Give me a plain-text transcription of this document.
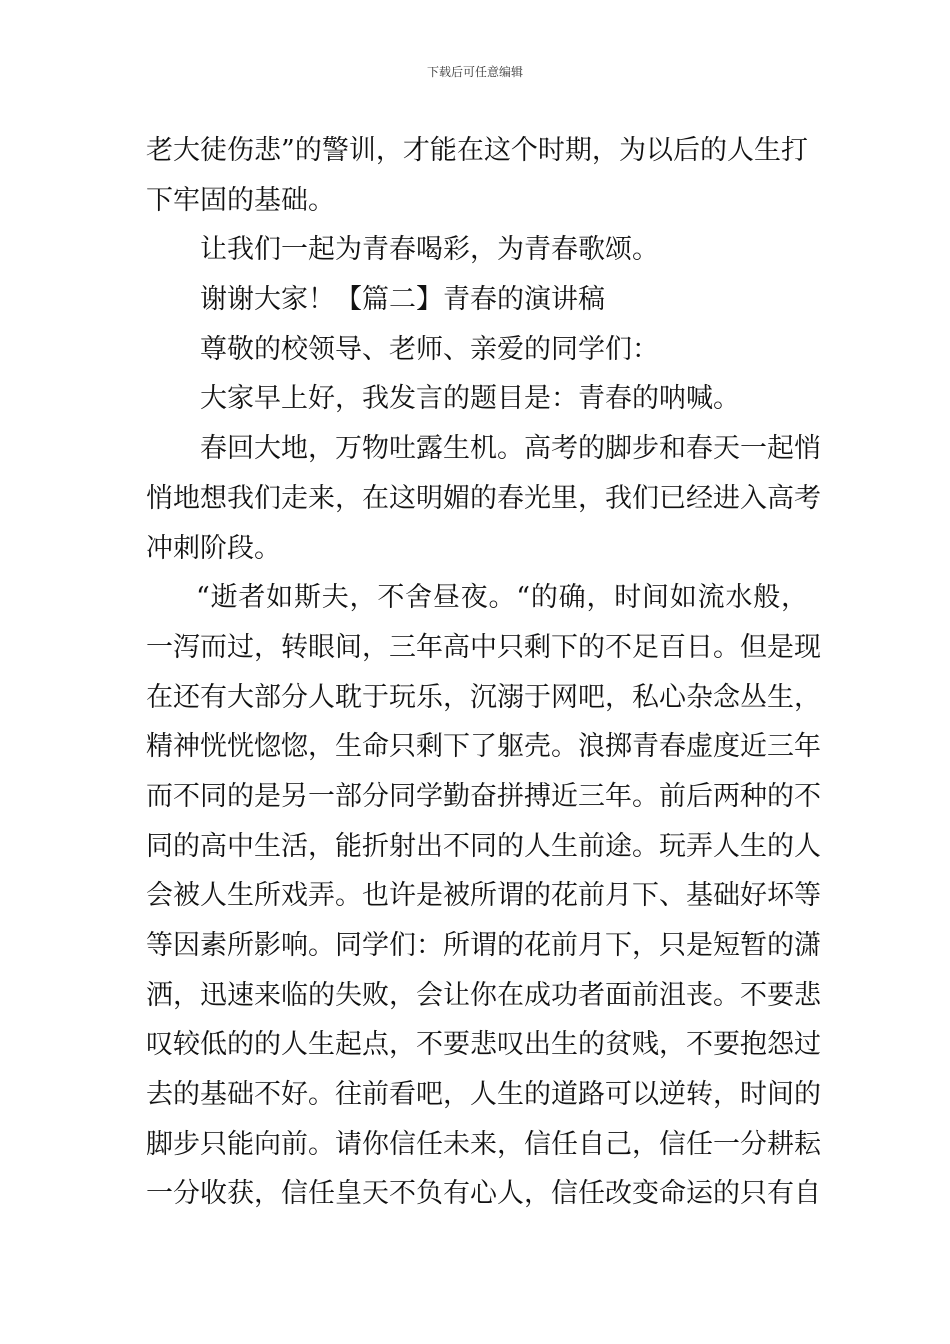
下载后可任意编辑
老大徒伤悲”的警训，才能在这个时期，为以后的人生打
下牢固的基础。
让我们一起为青春喝彩，为青春歌颂。
谢谢大家！【篇二】青春的演讲稿
尊敬的校领导、老师、亲爱的同学们：
大家早上好，我发言的题目是：青春的呐喊。
春回大地，万物吐露生机。高考的脚步和春天一起悄
悄地想我们走来，在这明媚的春光里，我们已经进入高考
冲刺阶段。
“逝者如斯夫，不舍昼夜。“的确，时间如流水般，
一泻而过，转眼间，三年高中只剩下的不足百日。但是现
在还有大部分人耽于玩乐，沉溺于网吧，私心杂念丛生，
精神恍恍惚惚，生命只剩下了躯壳。浪掷青春虚度近三年
而不同的是另一部分同学勤奋拼搏近三年。前后两种的不
同的高中生活，能折射出不同的人生前途。玩弄人生的人
会被人生所戏弄。也许是被所谓的花前月下、基础好坏等
等因素所影响。同学们：所谓的花前月下，只是短暂的潇
洒，迅速来临的失败，会让你在成功者面前沮丧。不要悲
叹较低的的人生起点，不要悲叹出生的贫贱，不要抱怨过
去的基础不好。往前看吧，人生的道路可以逆转，时间的
脚步只能向前。请你信任未来，信任自己，信任一分耕耘
一分收获，信任皇天不负有心人，信任改变命运的只有自
